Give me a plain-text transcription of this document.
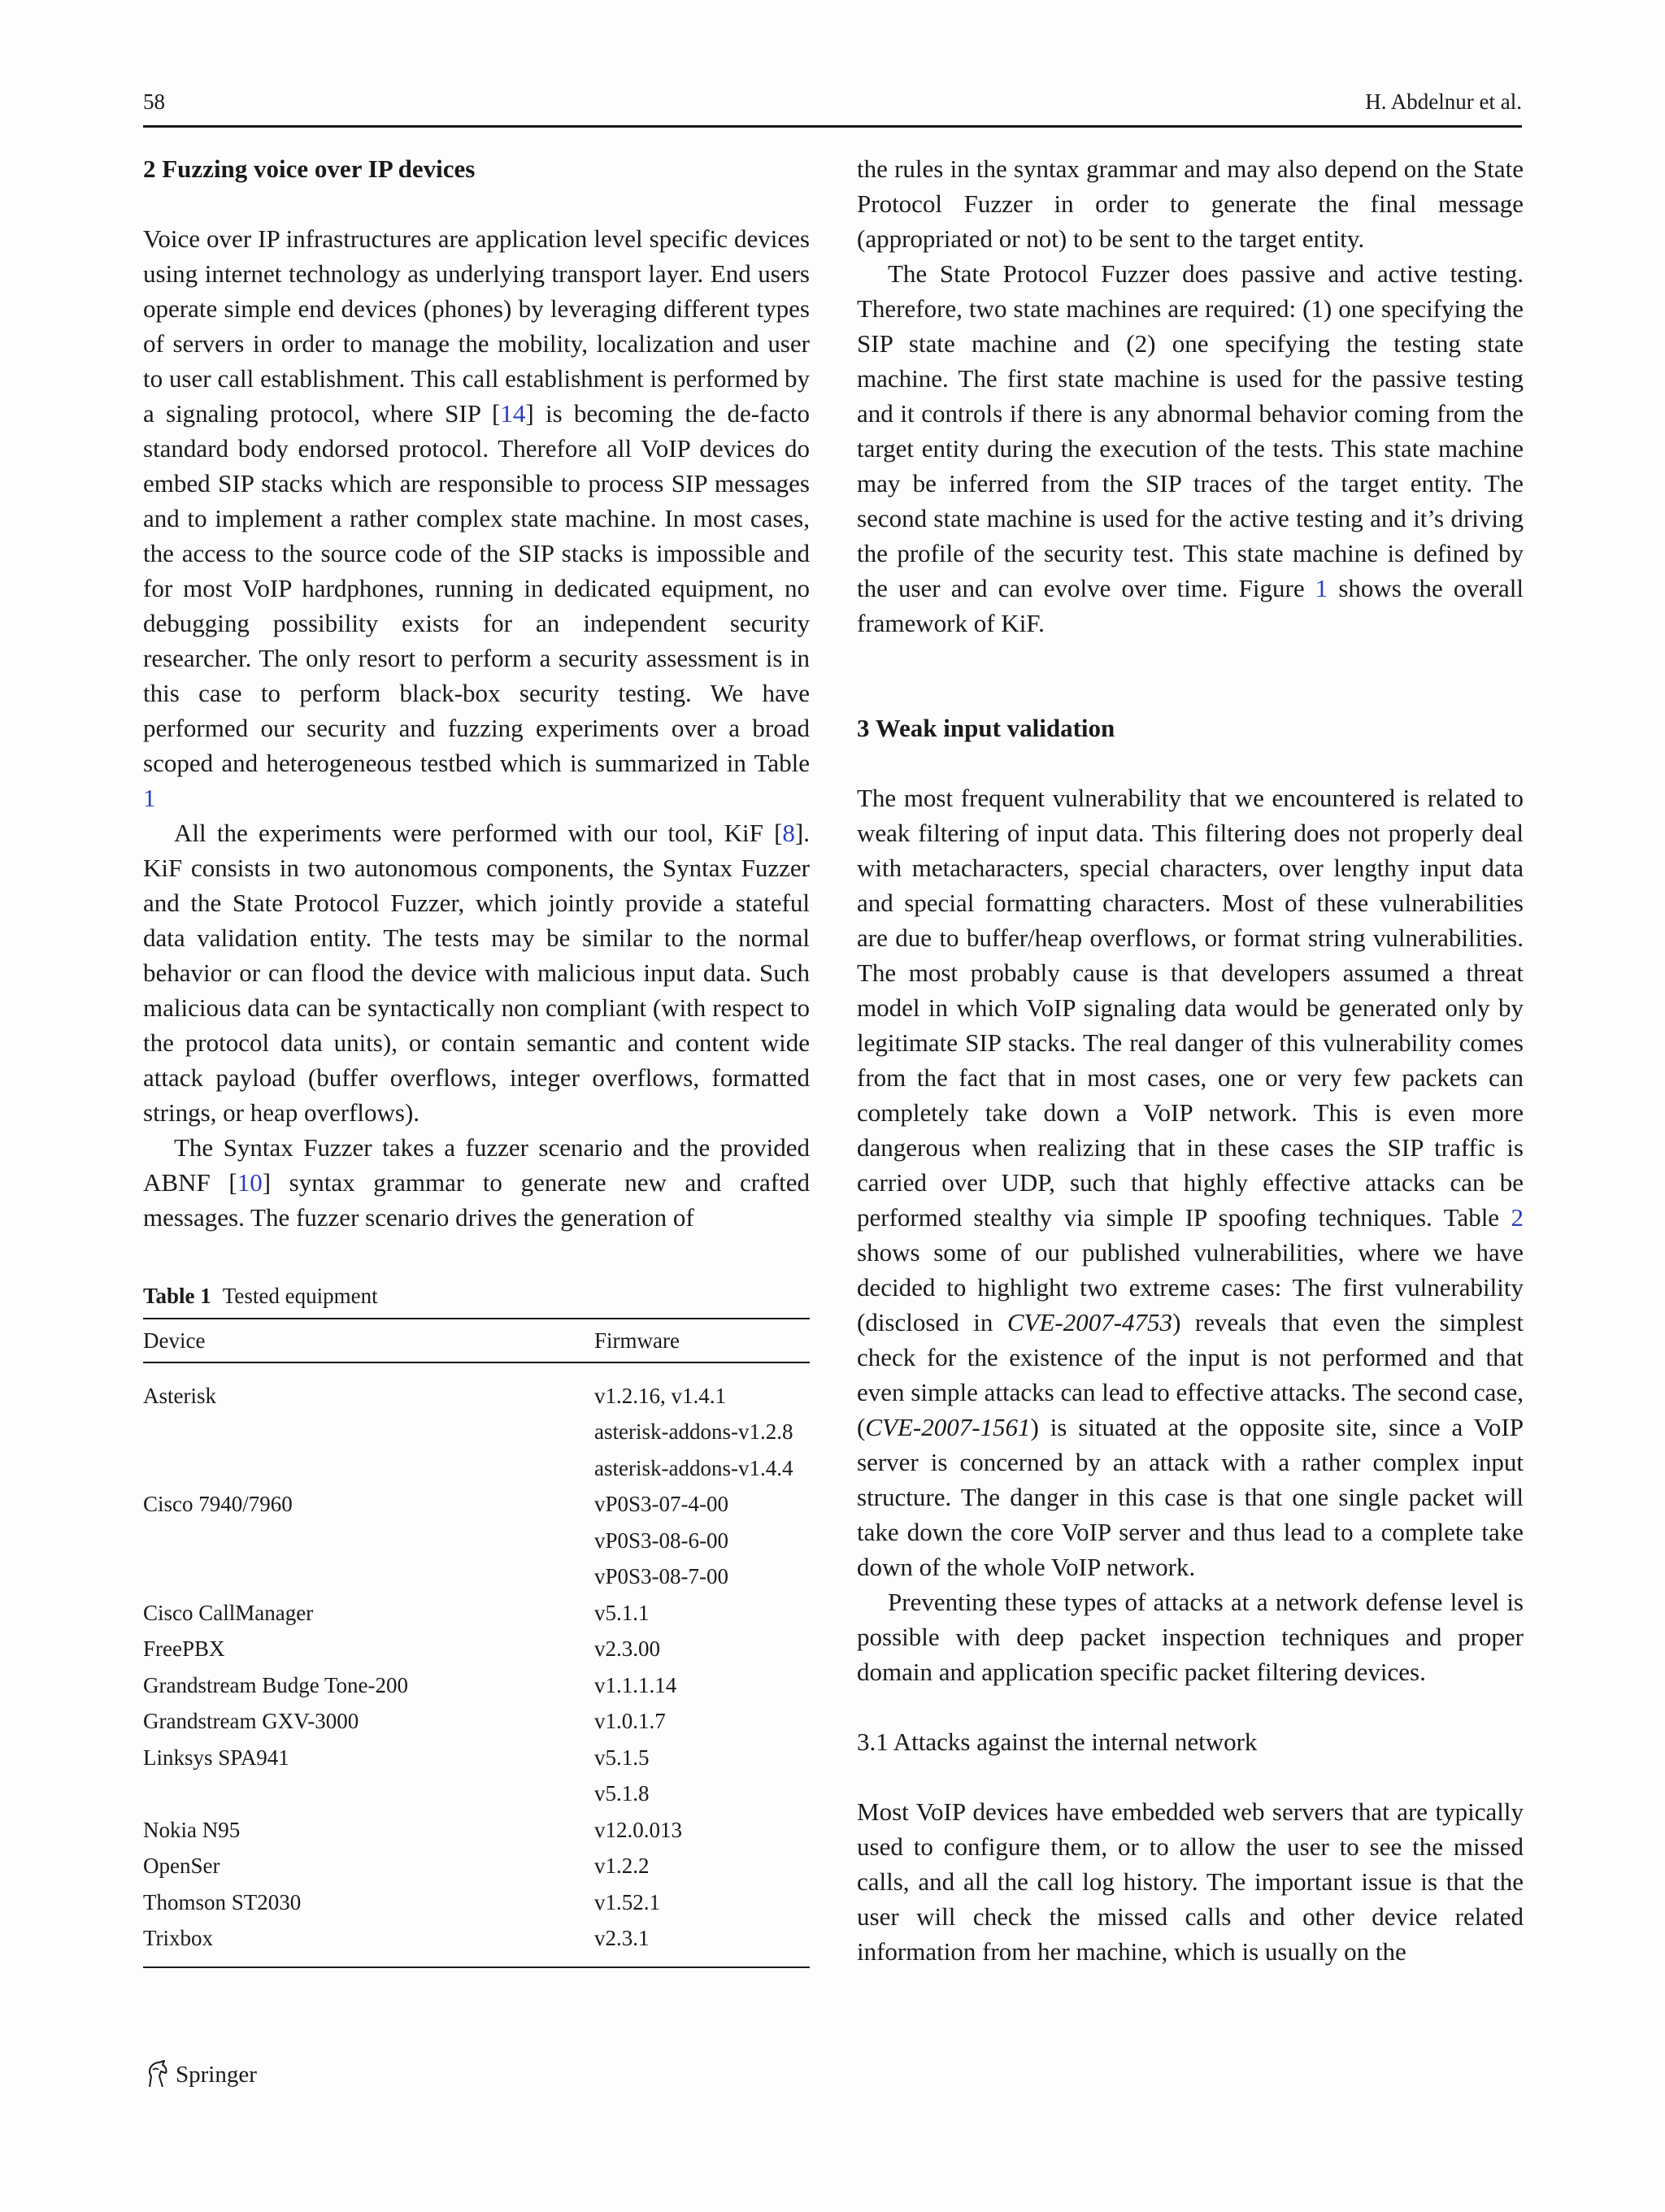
58	H. Abdelnur et al.
2 Fuzzing voice over IP devices

Voice over IP infrastructures are application level specific devices using internet technology as underlying transport layer. End users operate simple end devices (phones) by leveraging different types of servers in order to manage the mobility, localization and user to user call establishment. This call establishment is performed by a signaling protocol, where SIP [14] is becoming the de-facto standard body endorsed protocol. Therefore all VoIP devices do embed SIP stacks which are responsible to process SIP messages and to implement a rather complex state machine. In most cases, the access to the source code of the SIP stacks is impossible and for most VoIP hardphones, running in dedicated equipment, no debugging possibility exists for an independent security researcher. The only resort to perform a security assessment is in this case to perform black-box security testing. We have performed our security and fuzzing experiments over a broad scoped and heterogeneous testbed which is summarized in Table 1

All the experiments were performed with our tool, KiF [8]. KiF consists in two autonomous components, the Syntax Fuzzer and the State Protocol Fuzzer, which jointly provide a stateful data validation entity. The tests may be similar to the normal behavior or can flood the device with malicious input data. Such malicious data can be syntactically non compliant (with respect to the protocol data units), or contain semantic and content wide attack payload (buffer overflows, integer overflows, formatted strings, or heap overflows).

The Syntax Fuzzer takes a fuzzer scenario and the provided ABNF [10] syntax grammar to generate new and crafted messages. The fuzzer scenario drives the generation of

Table 1 Tested equipment
Device	Firmware
Asterisk	v1.2.16, v1.4.1
	asterisk-addons-v1.2.8
	asterisk-addons-v1.4.4
Cisco 7940/7960	vP0S3-07-4-00
	vP0S3-08-6-00
	vP0S3-08-7-00
Cisco CallManager	v5.1.1
FreePBX	v2.3.00
Grandstream Budge Tone-200	v1.1.1.14
Grandstream GXV-3000	v1.0.1.7
Linksys SPA941	v5.1.5
	v5.1.8
Nokia N95	v12.0.013
OpenSer	v1.2.2
Thomson ST2030	v1.52.1
Trixbox	v2.3.1

the rules in the syntax grammar and may also depend on the State Protocol Fuzzer in order to generate the final message (appropriated or not) to be sent to the target entity.

The State Protocol Fuzzer does passive and active testing. Therefore, two state machines are required: (1) one specifying the SIP state machine and (2) one specifying the testing state machine. The first state machine is used for the passive testing and it controls if there is any abnormal behavior coming from the target entity during the execution of the tests. This state machine may be inferred from the SIP traces of the target entity. The second state machine is used for the active testing and it’s driving the profile of the security test. This state machine is defined by the user and can evolve over time. Figure 1 shows the overall framework of KiF.

3 Weak input validation

The most frequent vulnerability that we encountered is related to weak filtering of input data. This filtering does not properly deal with metacharacters, special characters, over lengthy input data and special formatting characters. Most of these vulnerabilities are due to buffer/heap overflows, or format string vulnerabilities. The most probably cause is that developers assumed a threat model in which VoIP signaling data would be generated only by legitimate SIP stacks. The real danger of this vulnerability comes from the fact that in most cases, one or very few packets can completely take down a VoIP network. This is even more dangerous when realizing that in these cases the SIP traffic is carried over UDP, such that highly effective attacks can be performed stealthy via simple IP spoofing techniques. Table 2 shows some of our published vulnerabilities, where we have decided to highlight two extreme cases: The first vulnerability (disclosed in CVE-2007-4753) reveals that even the simplest check for the existence of the input is not performed and that even simple attacks can lead to effective attacks. The second case, (CVE-2007-1561) is situated at the opposite site, since a VoIP server is concerned by an attack with a rather complex input structure. The danger in this case is that one single packet will take down the core VoIP server and thus lead to a complete take down of the whole VoIP network.

Preventing these types of attacks at a network defense level is possible with deep packet inspection techniques and proper domain and application specific packet filtering devices.

3.1 Attacks against the internal network

Most VoIP devices have embedded web servers that are typically used to configure them, or to allow the user to see the missed calls, and all the call log history. The important issue is that the user will check the missed calls and other device related information from her machine, which is usually on the

Springer
